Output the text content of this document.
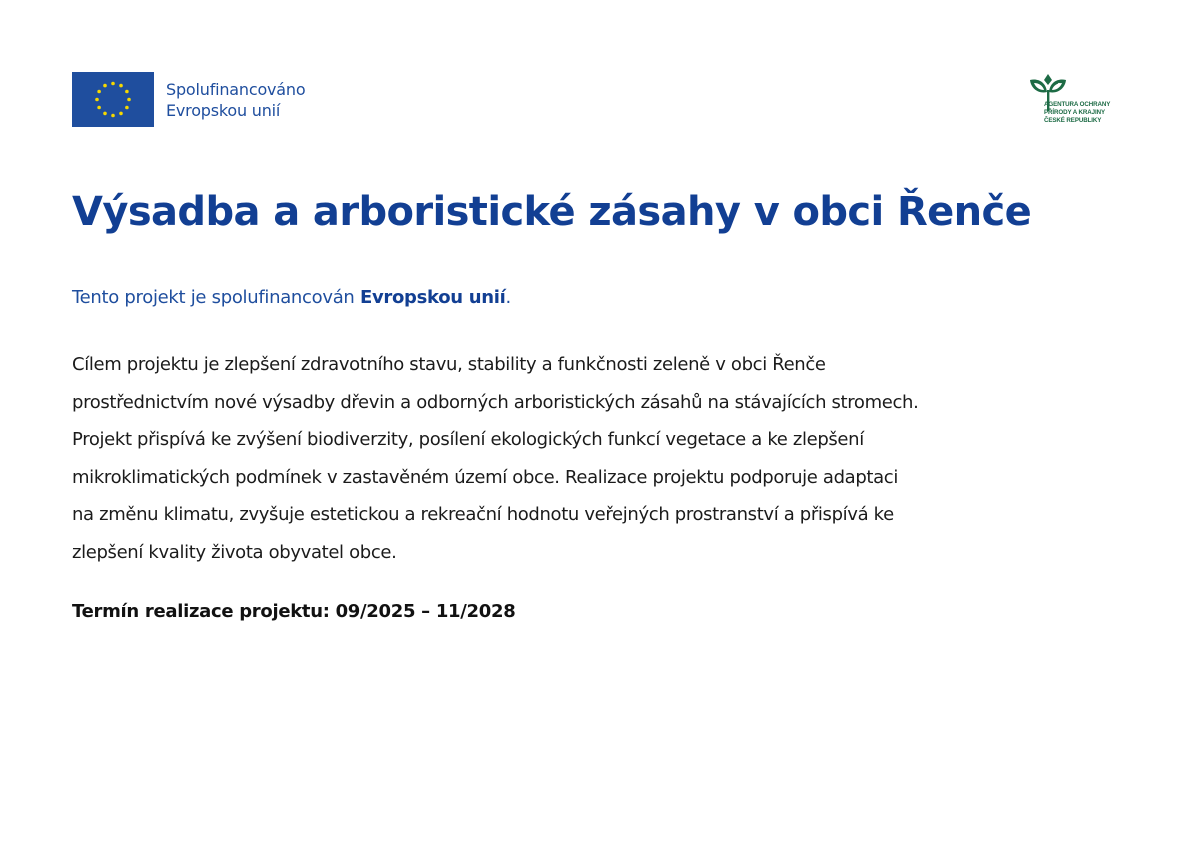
Spolufinancováno
Evropskou unií	AGENTURA OCHRANY
PŘÍRODY A KRAJINY
ČESKÉ REPUBLIKY
Výsadba a arboristické zásahy v obci Řenče

Tento projekt je spolufinancován Evropskou unií.

Cílem projektu je zlepšení zdravotního stavu, stability a funkčnosti zeleně v obci Řenče
prostřednictvím nové výsadby dřevin a odborných arboristických zásahů na stávajících stromech.
Projekt přispívá ke zvýšení biodiverzity, posílení ekologických funkcí vegetace a ke zlepšení
mikroklimatických podmínek v zastavěném území obce. Realizace projektu podporuje adaptaci
na změnu klimatu, zvyšuje estetickou a rekreační hodnotu veřejných prostranství a přispívá ke
zlepšení kvality života obyvatel obce.

Termín realizace projektu: 09/2025 – 11/2028
